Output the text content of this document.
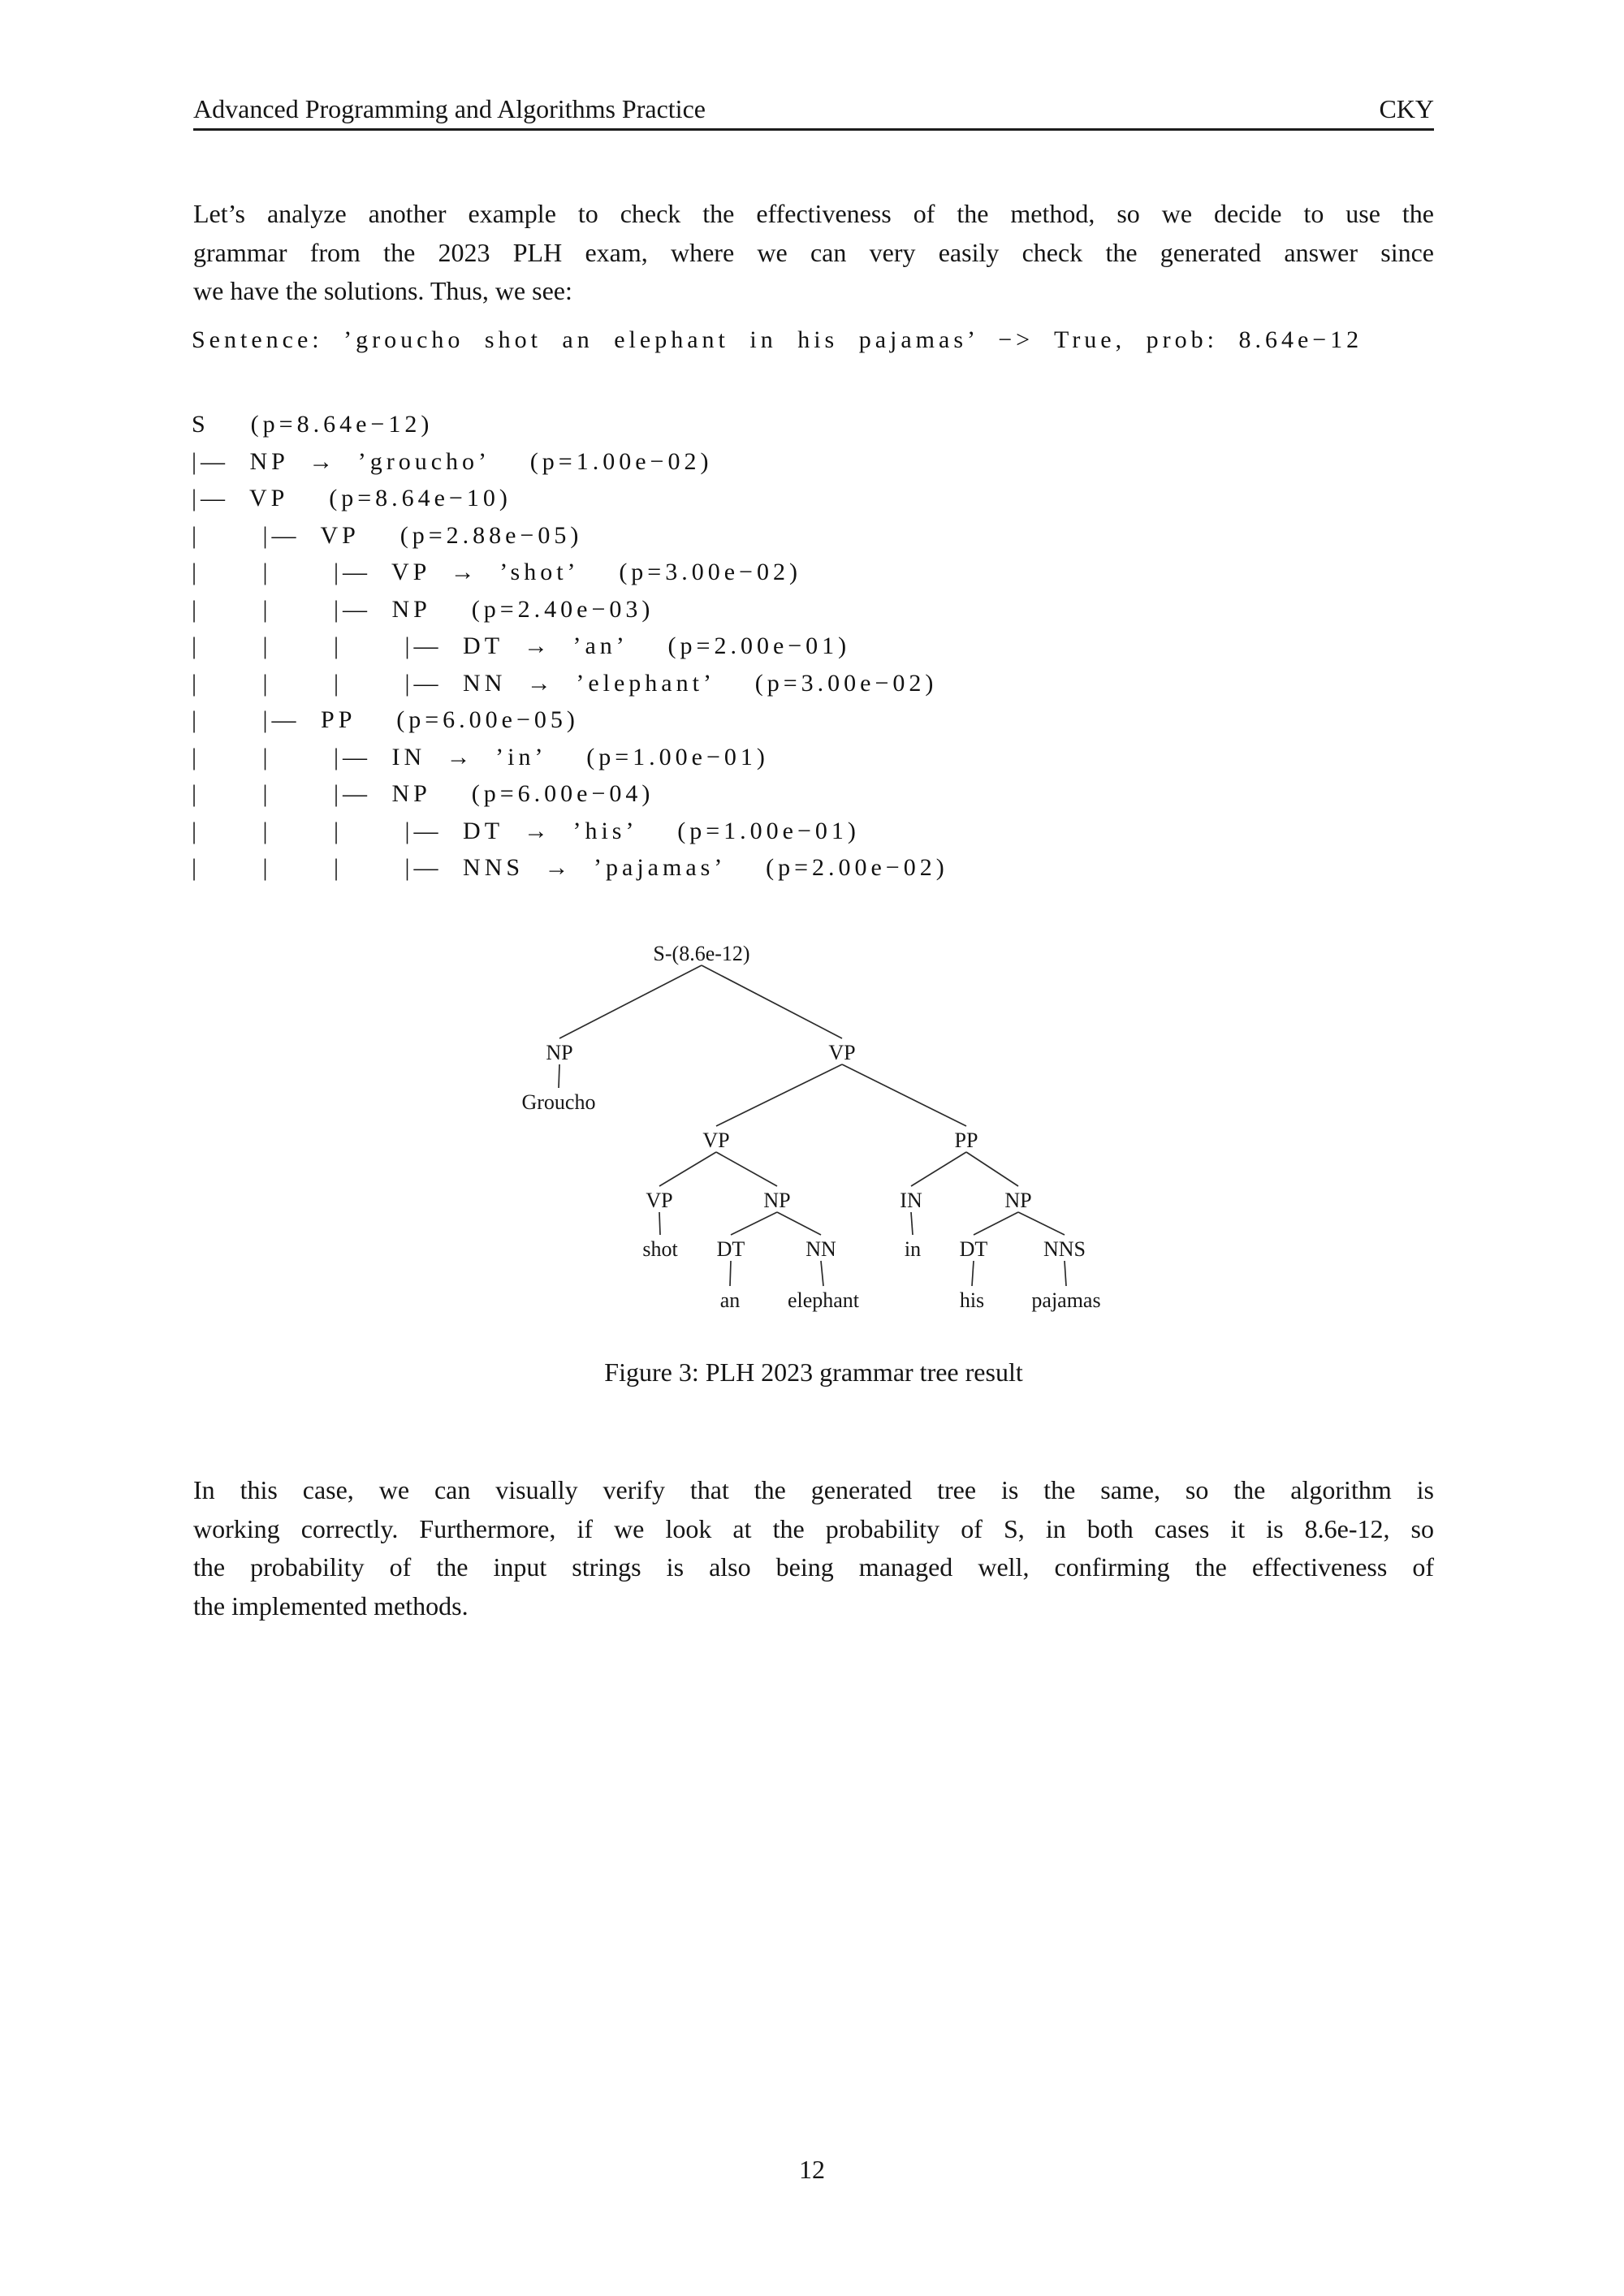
Advanced Programming and Algorithms Practice	CKY
Let’s analyze another example to check the effectiveness of the method, so we decide to use the
grammar from the 2023 PLH exam, where we can very easily check the generated answer since
we have the solutions. Thus, we see:
Sentence: ’groucho shot an elephant in his pajamas’ −> True, prob: 8.64e−12
S  (p=8.64e−12)
|— NP → ’groucho’  (p=1.00e−02)
|— VP  (p=8.64e−10)
|   |— VP  (p=2.88e−05)
|   |   |— VP → ’shot’  (p=3.00e−02)
|   |   |— NP  (p=2.40e−03)
|   |   |   |— DT → ’an’  (p=2.00e−01)
|   |   |   |— NN → ’elephant’  (p=3.00e−02)
|   |— PP  (p=6.00e−05)
|   |   |— IN → ’in’  (p=1.00e−01)
|   |   |— NP  (p=6.00e−04)
|   |   |   |— DT → ’his’  (p=1.00e−01)
|   |   |   |— NNS → ’pajamas’  (p=2.00e−02)
S-(8.6e-12)
NP	VP
Groucho
VP	PP
VP	NP	IN	NP
shot DT	NN	in DT	NNS
an elephant	his pajamas
Figure 3: PLH 2023 grammar tree result
In this case, we can visually verify that the generated tree is the same, so the algorithm is
working correctly. Furthermore, if we look at the probability of S, in both cases it is 8.6e-12, so
the probability of the input strings is also being managed well, confirming the effectiveness of
the implemented methods.
12
